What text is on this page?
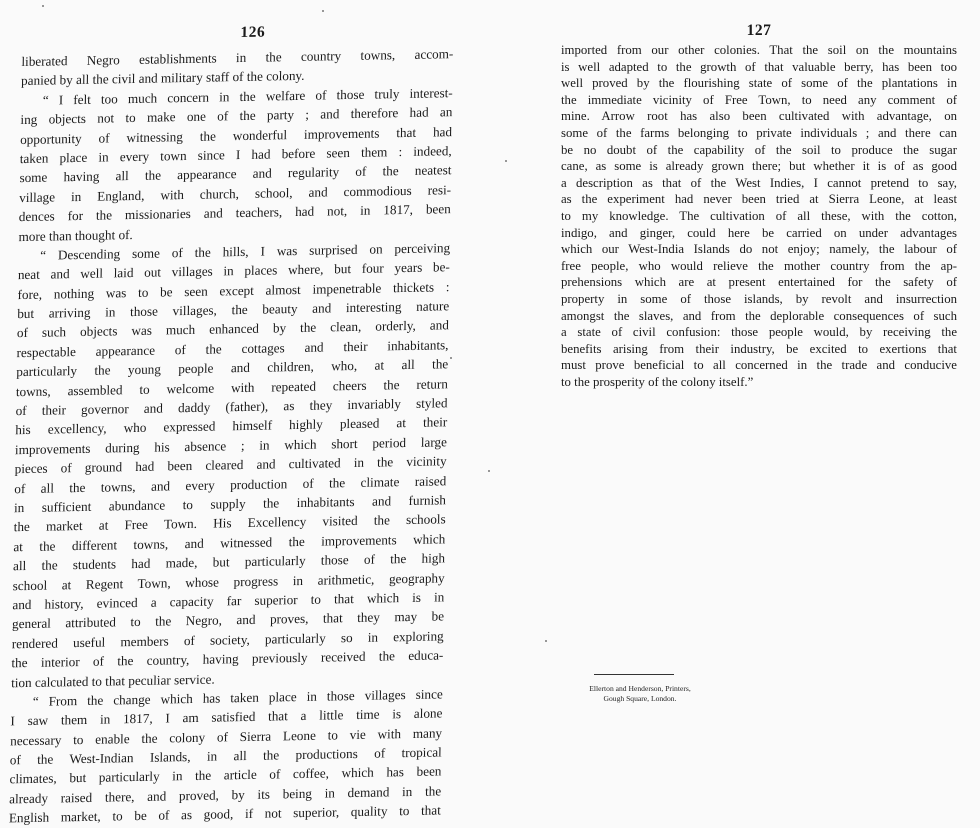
126
liberated Negro establishments in the country towns, accom-
panied by all the civil and military staff of the colony.
“ I felt too much concern in the welfare of those truly interest-
ing objects not to make one of the party ; and therefore had an
opportunity of witnessing the wonderful improvements that had
taken place in every town since I had before seen them : indeed,
some having all the appearance and regularity of the neatest
village in England, with church, school, and commodious resi-
dences for the missionaries and teachers, had not, in 1817, been
more than thought of.
“ Descending some of the hills, I was surprised on perceiving
neat and well laid out villages in places where, but four years be-
fore, nothing was to be seen except almost impenetrable thickets :
but arriving in those villages, the beauty and interesting nature
of such objects was much enhanced by the clean, orderly, and
respectable appearance of the cottages and their inhabitants,
particularly the young people and children, who, at all the
towns, assembled to welcome with repeated cheers the return
of their governor and daddy (father), as they invariably styled
his excellency, who expressed himself highly pleased at their
improvements during his absence ; in which short period large
pieces of ground had been cleared and cultivated in the vicinity
of all the towns, and every production of the climate raised
in sufficient abundance to supply the inhabitants and furnish
the market at Free Town. His Excellency visited the schools
at the different towns, and witnessed the improvements which
all the students had made, but particularly those of the high
school at Regent Town, whose progress in arithmetic, geography
and history, evinced a capacity far superior to that which is in
general attributed to the Negro, and proves, that they may be
rendered useful members of society, particularly so in exploring
the interior of the country, having previously received the educa-
tion calculated to that peculiar service.
“ From the change which has taken place in those villages since
I saw them in 1817, I am satisfied that a little time is alone
necessary to enable the colony of Sierra Leone to vie with many
of the West-Indian Islands, in all the productions of tropical
climates, but particularly in the article of coffee, which has been
already raised there, and proved, by its being in demand in the
English market, to be of as good, if not superior, quality to that
127
imported from our other colonies. That the soil on the mountains
is well adapted to the growth of that valuable berry, has been too
well proved by the flourishing state of some of the plantations in
the immediate vicinity of Free Town, to need any comment of
mine. Arrow root has also been cultivated with advantage, on
some of the farms belonging to private individuals ; and there can
be no doubt of the capability of the soil to produce the sugar
cane, as some is already grown there; but whether it is of as good
a description as that of the West Indies, I cannot pretend to say,
as the experiment had never been tried at Sierra Leone, at least
to my knowledge. The cultivation of all these, with the cotton,
indigo, and ginger, could here be carried on under advantages
which our West-India Islands do not enjoy; namely, the labour of
free people, who would relieve the mother country from the ap-
prehensions which are at present entertained for the safety of
property in some of those islands, by revolt and insurrection
amongst the slaves, and from the deplorable consequences of such
a state of civil confusion: those people would, by receiving the
benefits arising from their industry, be excited to exertions that
must prove beneficial to all concerned in the trade and conducive
to the prosperity of the colony itself.”
Ellerton and Henderson, Printers,
Gough Square, London.
